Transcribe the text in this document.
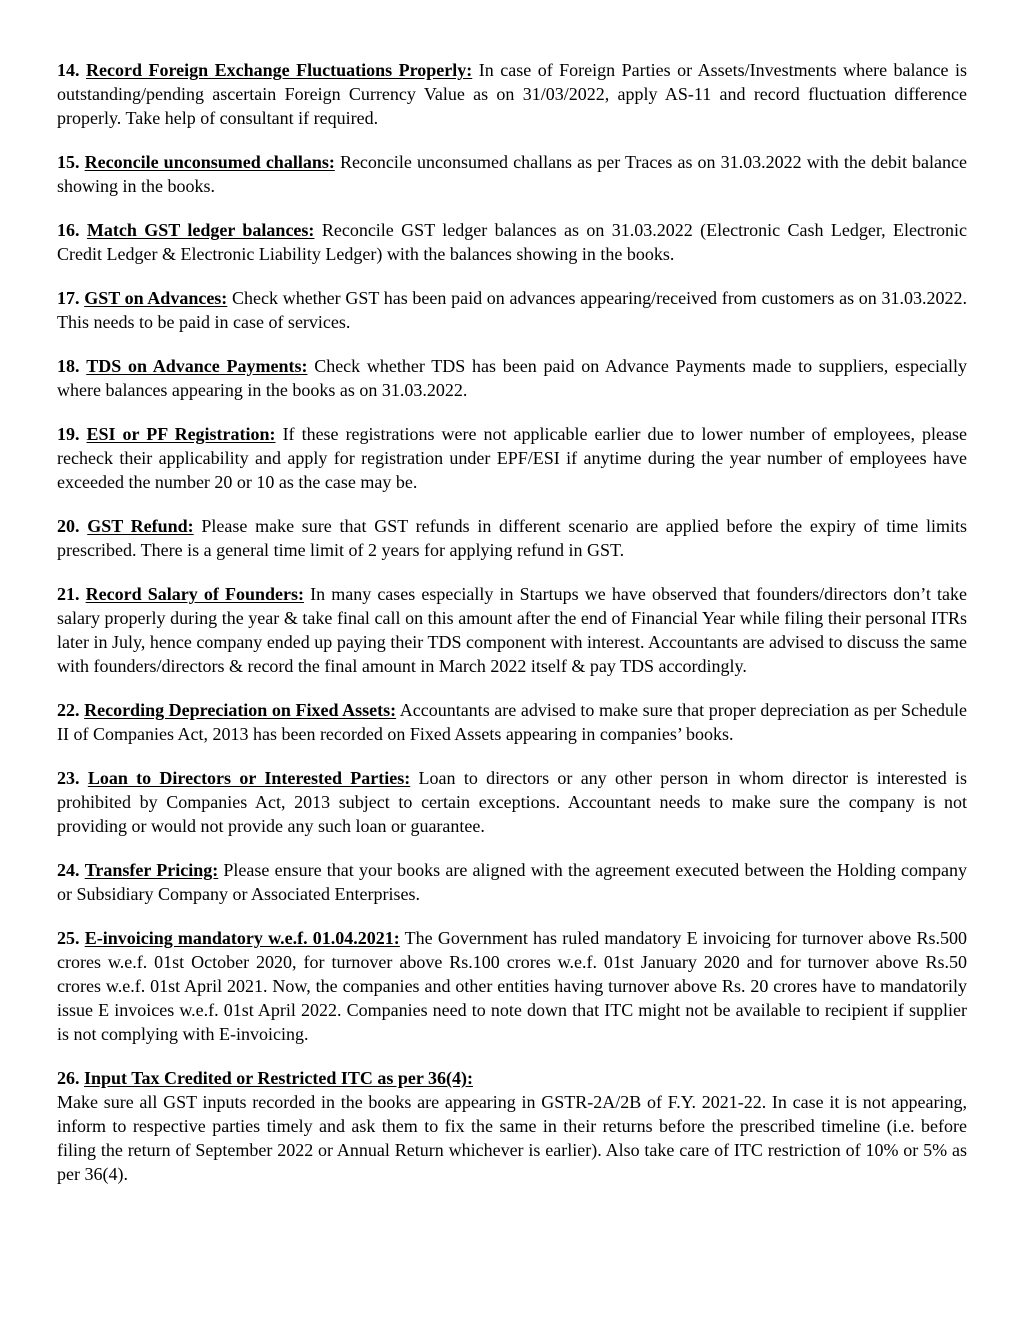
14. Record Foreign Exchange Fluctuations Properly: In case of Foreign Parties or Assets/Investments where balance is outstanding/pending ascertain Foreign Currency Value as on 31/03/2022, apply AS-11 and record fluctuation difference properly. Take help of consultant if required.

15. Reconcile unconsumed challans: Reconcile unconsumed challans as per Traces as on 31.03.2022 with the debit balance showing in the books.

16. Match GST ledger balances: Reconcile GST ledger balances as on 31.03.2022 (Electronic Cash Ledger, Electronic Credit Ledger & Electronic Liability Ledger) with the balances showing in the books.

17. GST on Advances: Check whether GST has been paid on advances appearing/received from customers as on 31.03.2022. This needs to be paid in case of services.

18. TDS on Advance Payments: Check whether TDS has been paid on Advance Payments made to suppliers, especially where balances appearing in the books as on 31.03.2022.

19. ESI or PF Registration: If these registrations were not applicable earlier due to lower number of employees, please recheck their applicability and apply for registration under EPF/ESI if anytime during the year number of employees have exceeded the number 20 or 10 as the case may be.

20. GST Refund: Please make sure that GST refunds in different scenario are applied before the expiry of time limits prescribed. There is a general time limit of 2 years for applying refund in GST.

21. Record Salary of Founders: In many cases especially in Startups we have observed that founders/directors don’t take salary properly during the year & take final call on this amount after the end of Financial Year while filing their personal ITRs later in July, hence company ended up paying their TDS component with interest. Accountants are advised to discuss the same with founders/directors & record the final amount in March 2022 itself & pay TDS accordingly.

22. Recording Depreciation on Fixed Assets: Accountants are advised to make sure that proper depreciation as per Schedule II of Companies Act, 2013 has been recorded on Fixed Assets appearing in companies’ books.

23. Loan to Directors or Interested Parties: Loan to directors or any other person in whom director is interested is prohibited by Companies Act, 2013 subject to certain exceptions. Accountant needs to make sure the company is not providing or would not provide any such loan or guarantee.

24. Transfer Pricing: Please ensure that your books are aligned with the agreement executed between the Holding company or Subsidiary Company or Associated Enterprises.

25. E-invoicing mandatory w.e.f. 01.04.2021: The Government has ruled mandatory E invoicing for turnover above Rs.500 crores w.e.f. 01st October 2020, for turnover above Rs.100 crores w.e.f. 01st January 2020 and for turnover above Rs.50 crores w.e.f. 01st April 2021. Now, the companies and other entities having turnover above Rs. 20 crores have to mandatorily issue E invoices w.e.f. 01st April 2022. Companies need to note down that ITC might not be available to recipient if supplier is not complying with E-invoicing.

26. Input Tax Credited or Restricted ITC as per 36(4):
Make sure all GST inputs recorded in the books are appearing in GSTR-2A/2B of F.Y. 2021-22. In case it is not appearing, inform to respective parties timely and ask them to fix the same in their returns before the prescribed timeline (i.e. before filing the return of September 2022 or Annual Return whichever is earlier). Also take care of ITC restriction of 10% or 5% as per 36(4).
